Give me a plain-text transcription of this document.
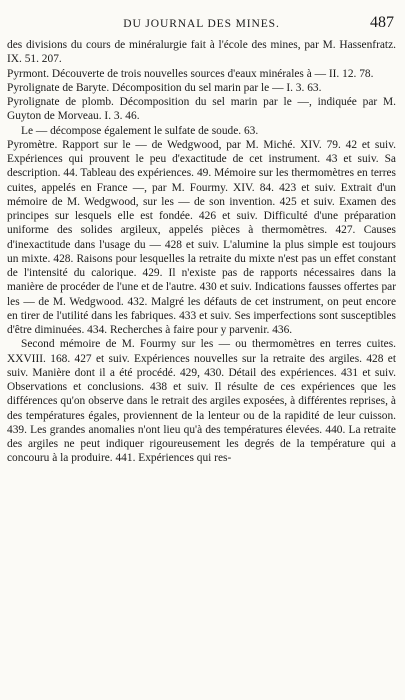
DU JOURNAL DES MINES.	487

des divisions du cours de minéralurgie fait à l'école des mines, par M. Hassenfratz. IX. 51. 207.

Pyrmont. Découverte de trois nouvelles sources d'eaux minérales à — II. 12. 78.

Pyrolignate de Baryte. Décomposition du sel marin par le — I. 3. 63.

Pyrolignate de plomb. Décomposition du sel marin par le —, indiquée par M. Guyton de Morveau. I. 3. 46.

Le — décompose également le sulfate de soude. 63.

Pyromètre. Rapport sur le — de Wedgwood, par M. Miché. XIV. 79. 42 et suiv. Expériences qui prouvent le peu d'exactitude de cet instrument. 43 et suiv. Sa description. 44. Tableau des expériences. 49. Mémoire sur les thermomètres en terres cuites, appelés en France —, par M. Fourmy. XIV. 84. 423 et suiv. Extrait d'un mémoire de M. Wedgwood, sur les — de son invention. 425 et suiv. Examen des principes sur lesquels elle est fondée. 426 et suiv. Difficulté d'une préparation uniforme des solides argileux, appelés pièces à thermomètres. 427. Causes d'inexactitude dans l'usage du — 428 et suiv. L'alumine la plus simple est toujours un mixte. 428. Raisons pour lesquelles la retraite du mixte n'est pas un effet constant de l'intensité du calorique. 429. Il n'existe pas de rapports nécessaires dans la manière de procéder de l'une et de l'autre. 430 et suiv. Indications fausses offertes par les — de M. Wedgwood. 432. Malgré les défauts de cet instrument, on peut encore en tirer de l'utilité dans les fabriques. 433 et suiv. Ses imperfections sont susceptibles d'être diminuées. 434. Recherches à faire pour y parvenir. 436.

Second mémoire de M. Fourmy sur les — ou thermomètres en terres cuites. XXVIII. 168. 427 et suiv. Expériences nouvelles sur la retraite des argiles. 428 et suiv. Manière dont il a été procédé. 429, 430. Détail des expériences. 431 et suiv. Observations et conclusions. 438 et suiv. Il résulte de ces expériences que les différences qu'on observe dans le retrait des argiles exposées, à différentes reprises, à des températures égales, proviennent de la lenteur ou de la rapidité de leur cuisson. 439. Les grandes anomalies n'ont lieu qu'à des températures élevées. 440. La retraite des argiles ne peut indiquer rigoureusement les degrés de la température qui a concouru à la produire. 441. Expériences qui res-
